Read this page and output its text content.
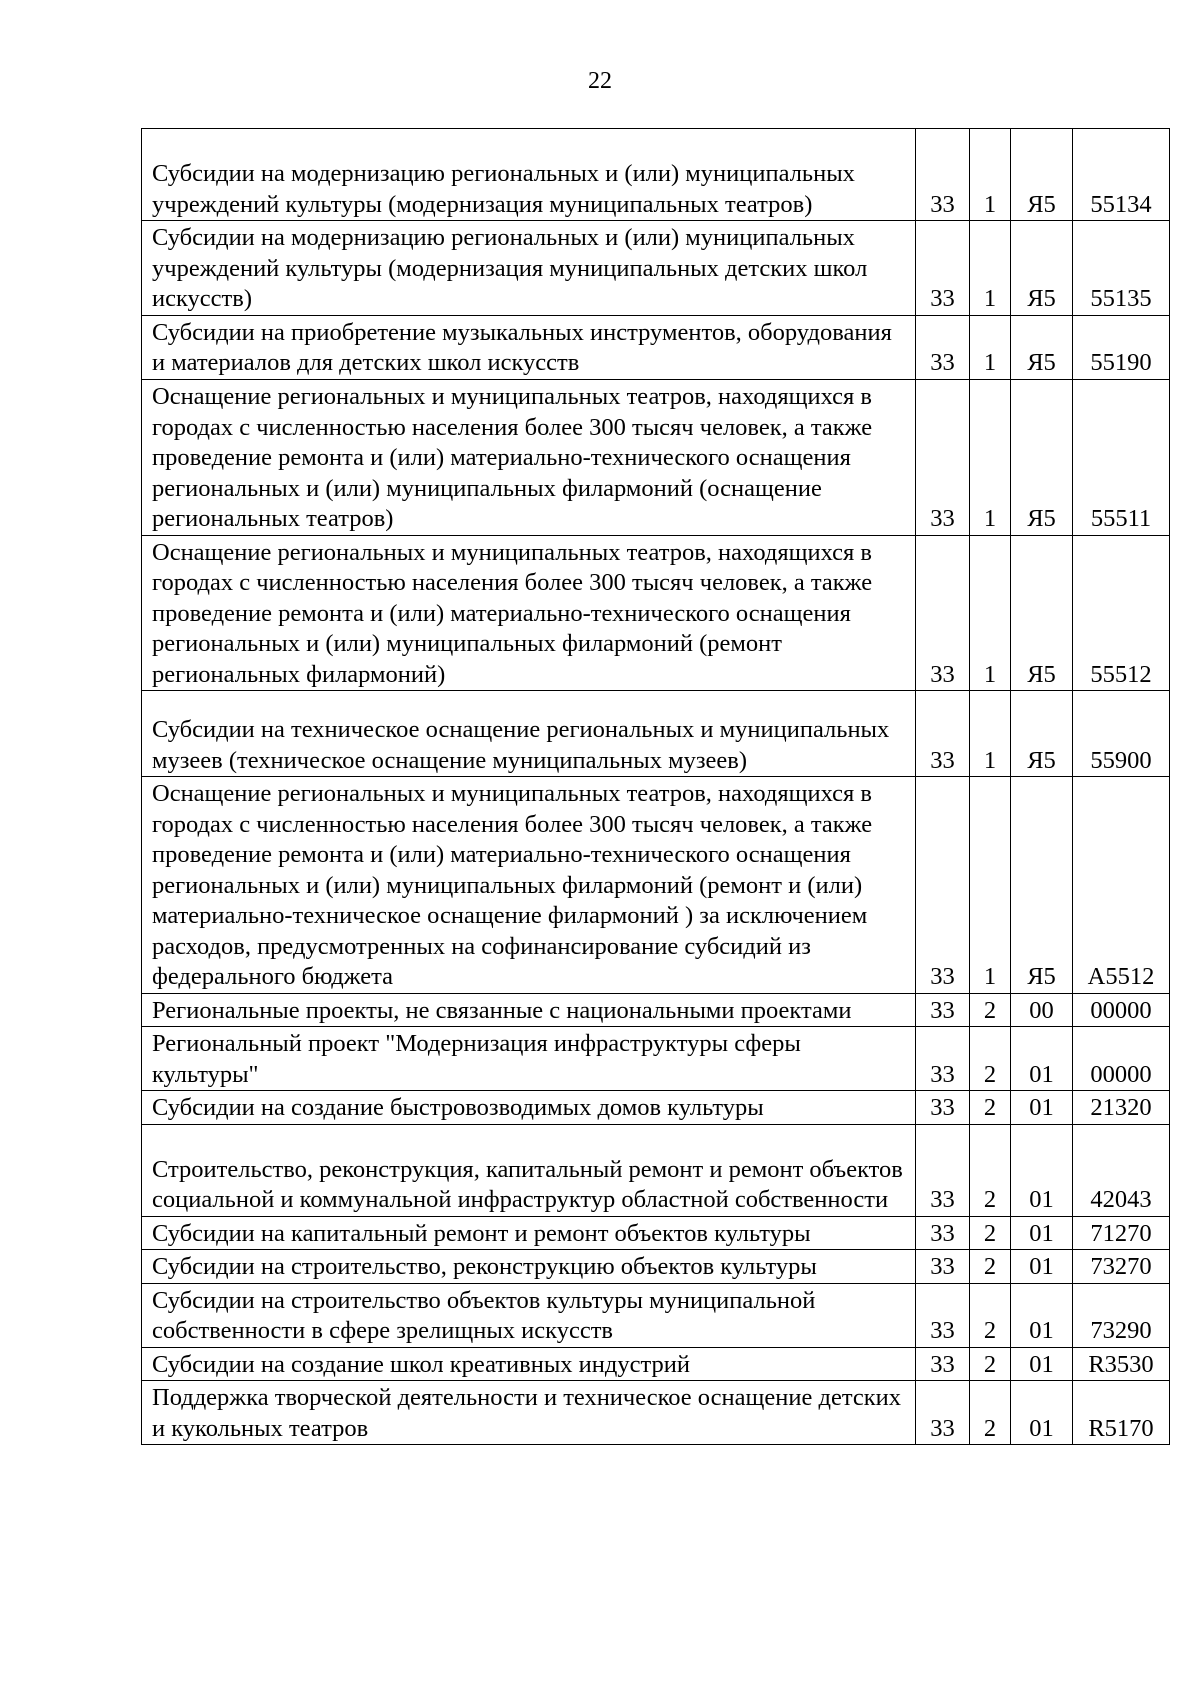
22
Субсидии на модернизацию региональных и (или) муниципальных учреждений культуры (модернизация муниципальных театров)	33	1	Я5	55134
Субсидии на модернизацию региональных и (или) муниципальных учреждений культуры (модернизация муниципальных детских школ искусств)	33	1	Я5	55135
Субсидии на приобретение музыкальных инструментов, оборудования и материалов для детских школ искусств	33	1	Я5	55190
Оснащение региональных и муниципальных театров, находящихся в городах с численностью населения более 300 тысяч человек, а также проведение ремонта и (или) материально-технического оснащения региональных и (или) муниципальных филармоний (оснащение региональных театров)	33	1	Я5	55511
Оснащение региональных и муниципальных театров, находящихся в городах с численностью населения более 300 тысяч человек, а также проведение ремонта и (или) материально-технического оснащения региональных и (или) муниципальных филармоний (ремонт региональных филармоний)	33	1	Я5	55512
Субсидии на техническое оснащение региональных и муниципальных музеев (техническое оснащение муниципальных музеев)	33	1	Я5	55900
Оснащение региональных и муниципальных театров, находящихся в городах с численностью населения более 300 тысяч человек, а также проведение ремонта и (или) материально-технического оснащения региональных и (или) муниципальных филармоний (ремонт и (или) материально-техническое оснащение филармоний ) за исключением расходов, предусмотренных на софинансирование субсидий из федерального бюджета	33	1	Я5	А5512
Региональные проекты, не связанные с национальными проектами	33	2	00	00000
Региональный проект "Модернизация инфраструктуры сферы культуры"	33	2	01	00000
Субсидии на создание быстровозводимых домов культуры	33	2	01	21320
Строительство, реконструкция, капитальный ремонт и ремонт объектов социальной и коммунальной инфраструктур областной собственности	33	2	01	42043
Субсидии на капитальный ремонт и ремонт объектов культуры	33	2	01	71270
Субсидии на строительство, реконструкцию объектов культуры	33	2	01	73270
Субсидии на строительство объектов культуры муниципальной собственности в сфере зрелищных искусств	33	2	01	73290
Субсидии на создание школ креативных индустрий	33	2	01	R3530
Поддержка творческой деятельности и техническое оснащение детских и кукольных театров	33	2	01	R5170
